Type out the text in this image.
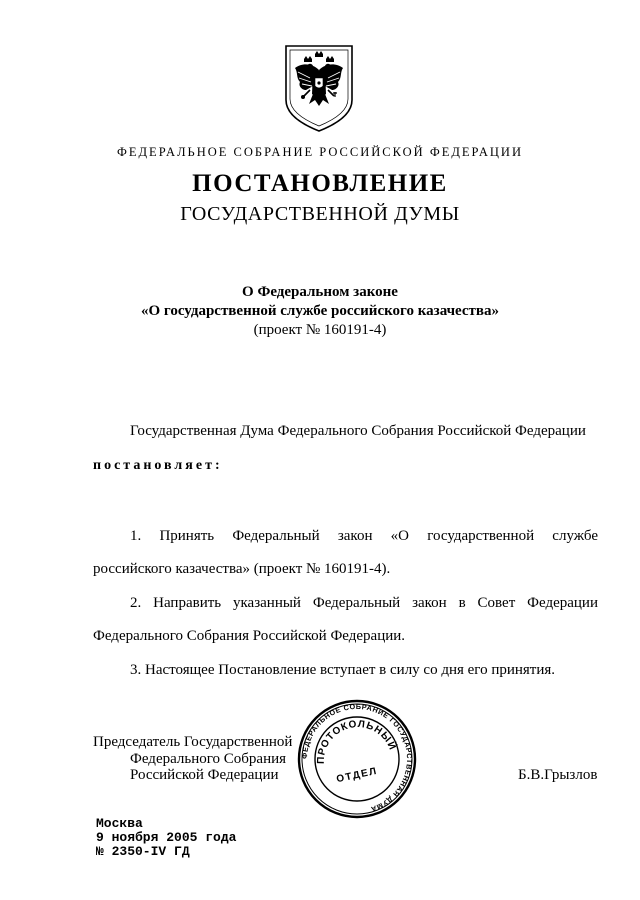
ФЕДЕРАЛЬНОЕ СОБРАНИЕ РОССИЙСКОЙ ФЕДЕРАЦИИ
ПОСТАНОВЛЕНИЕ
ГОСУДАРСТВЕННОЙ ДУМЫ
О Федеральном законе
«О государственной службе российского казачества»
(проект № 160191-4)
Государственная Дума Федерального Собрания Российской Федерации
постановляет:
1. Принять Федеральный закон «О государственной службе
российского казачества» (проект № 160191-4).
2. Направить указанный Федеральный закон в Совет Федерации
Федерального Собрания Российской Федерации.
3. Настоящее Постановление вступает в силу со дня его принятия.
Председатель Государственной
Федерального Собрания
Российской Федерации	Б.В.Грызлов
ФЕДЕРАЛЬНОЕ СОБРАНИЕ ГОСУДАРСТВЕННАЯ ДУМА
ПРОТОКОЛЬНЫЙ
ОТДЕЛ
Москва
9 ноября 2005 года
№ 2350-IV ГД
